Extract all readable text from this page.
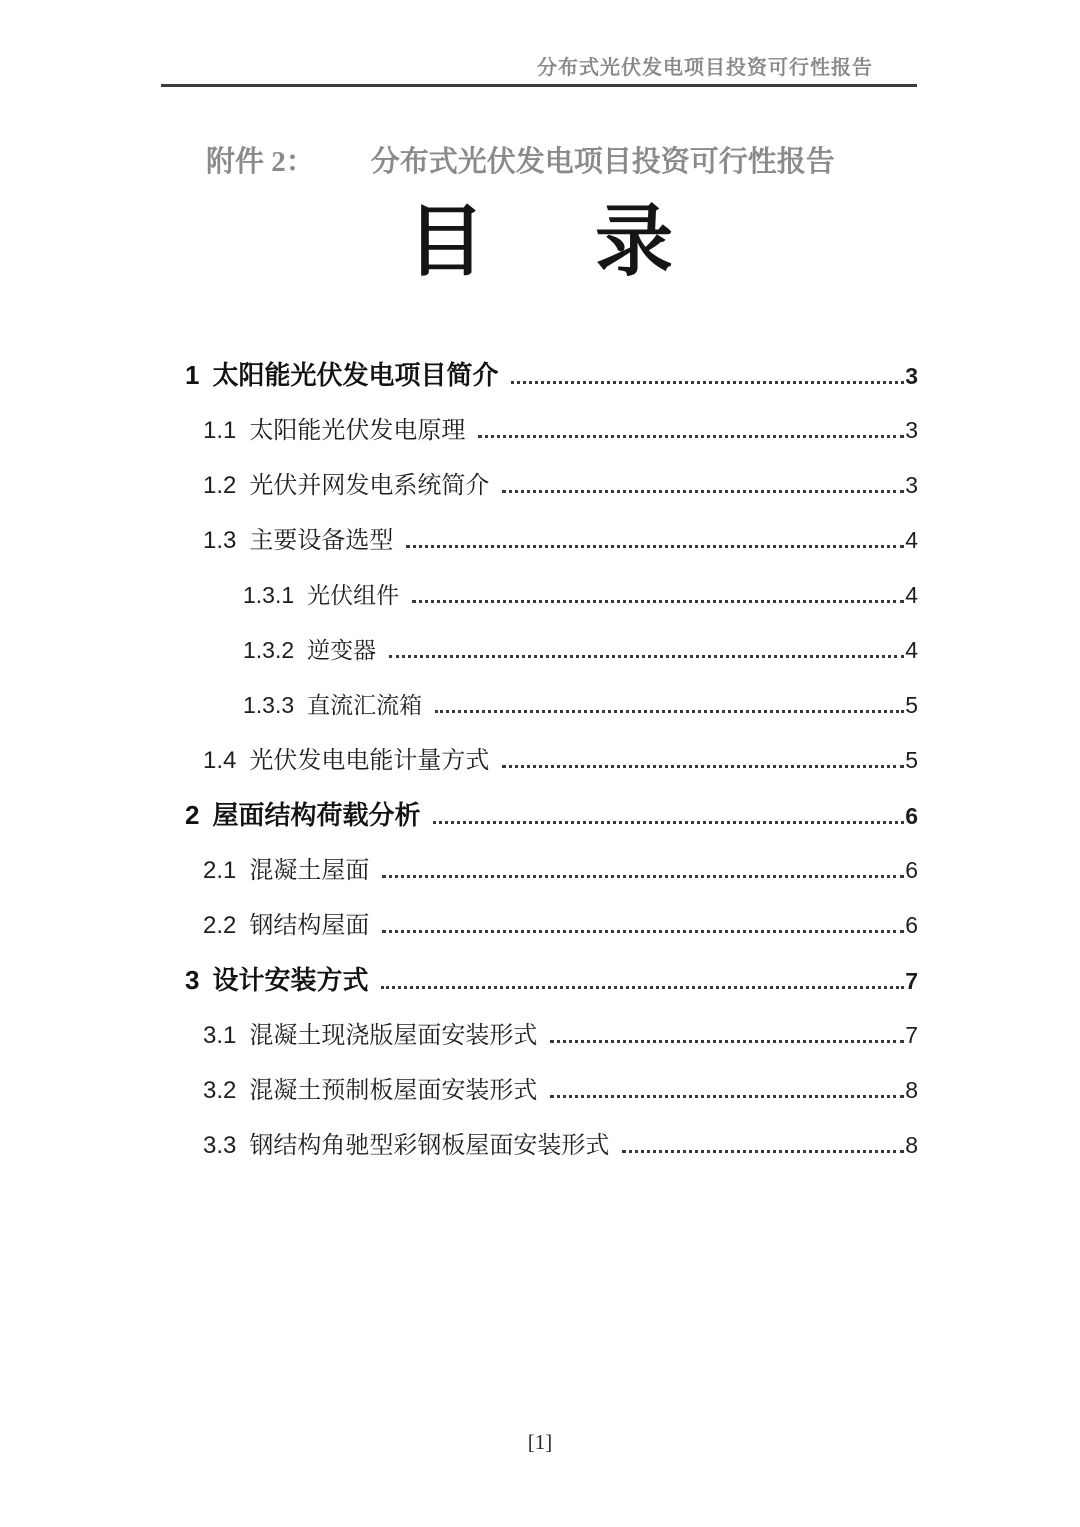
分布式光伏发电项目投资可行性报告
附件 2： 分布式光伏发电项目投资可行性报告
目 录
1 太阳能光伏发电项目简介	3
1.1 太阳能光伏发电原理	3
1.2 光伏并网发电系统简介	3
1.3 主要设备选型	4
1.3.1 光伏组件	4
1.3.2 逆变器	4
1.3.3 直流汇流箱	5
1.4 光伏发电电能计量方式	5
2 屋面结构荷载分析	6
2.1 混凝土屋面	6
2.2 钢结构屋面	6
3 设计安装方式	7
3.1 混凝土现浇版屋面安装形式	7
3.2 混凝土预制板屋面安装形式	8
3.3 钢结构角驰型彩钢板屋面安装形式	8
[1]
